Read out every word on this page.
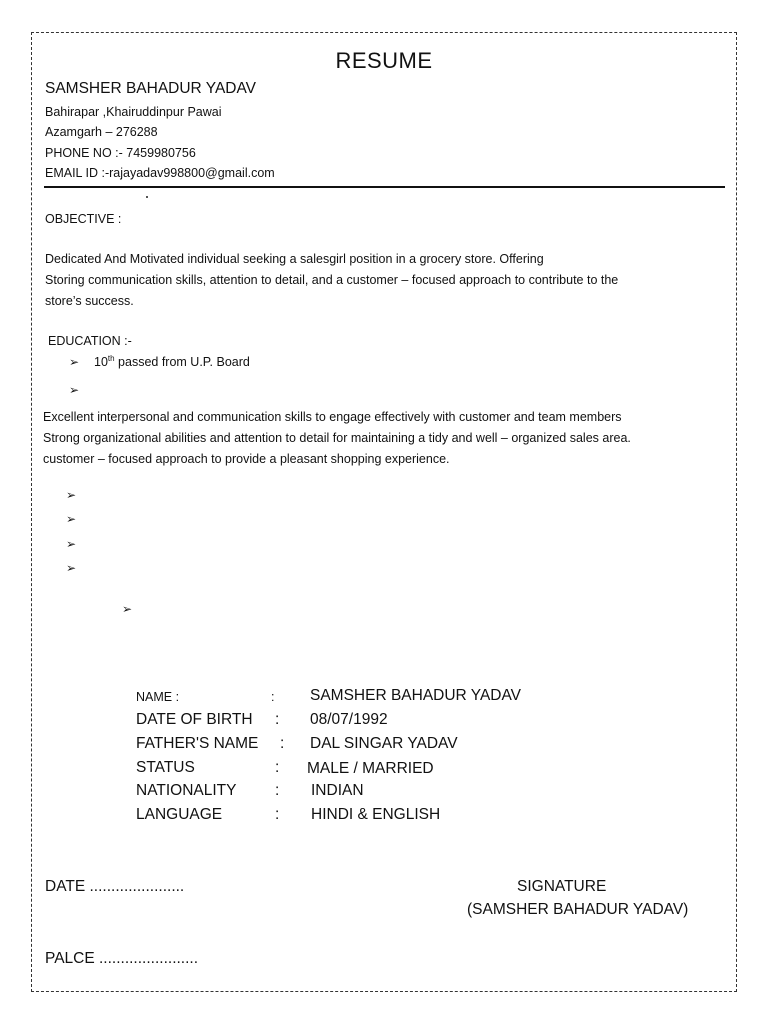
RESUME
SAMSHER BAHADUR YADAV
Bahirapar ,Khairuddinpur Pawai
Azamgarh – 276288
PHONE NO :- 7459980756
EMAIL ID :-rajayadav998800@gmail.com
OBJECTIVE :
Dedicated And Motivated individual seeking a salesgirl position in a grocery store. Offering
Storing communication skills, attention to detail, and a customer – focused approach to contribute to the
store’s success.
EDUCATION :-
➢ 10th passed from U.P. Board
➢
Excellent interpersonal and communication skills to engage effectively with customer and team members
Strong organizational abilities and attention to detail for maintaining a tidy and well – organized sales area.
customer – focused approach to provide a pleasant shopping experience.
➢
➢
➢
➢
➢
NAME :	: SAMSHER BAHADUR YADAV
DATE OF BIRTH : 08/07/1992
FATHER'S NAME : DAL SINGAR YADAV
STATUS	: MALE / MARRIED
NATIONALITY : INDIAN
LANGUAGE	: HINDI & ENGLISH
DATE ......................	SIGNATURE
(SAMSHER BAHADUR YADAV)
PALCE .......................
